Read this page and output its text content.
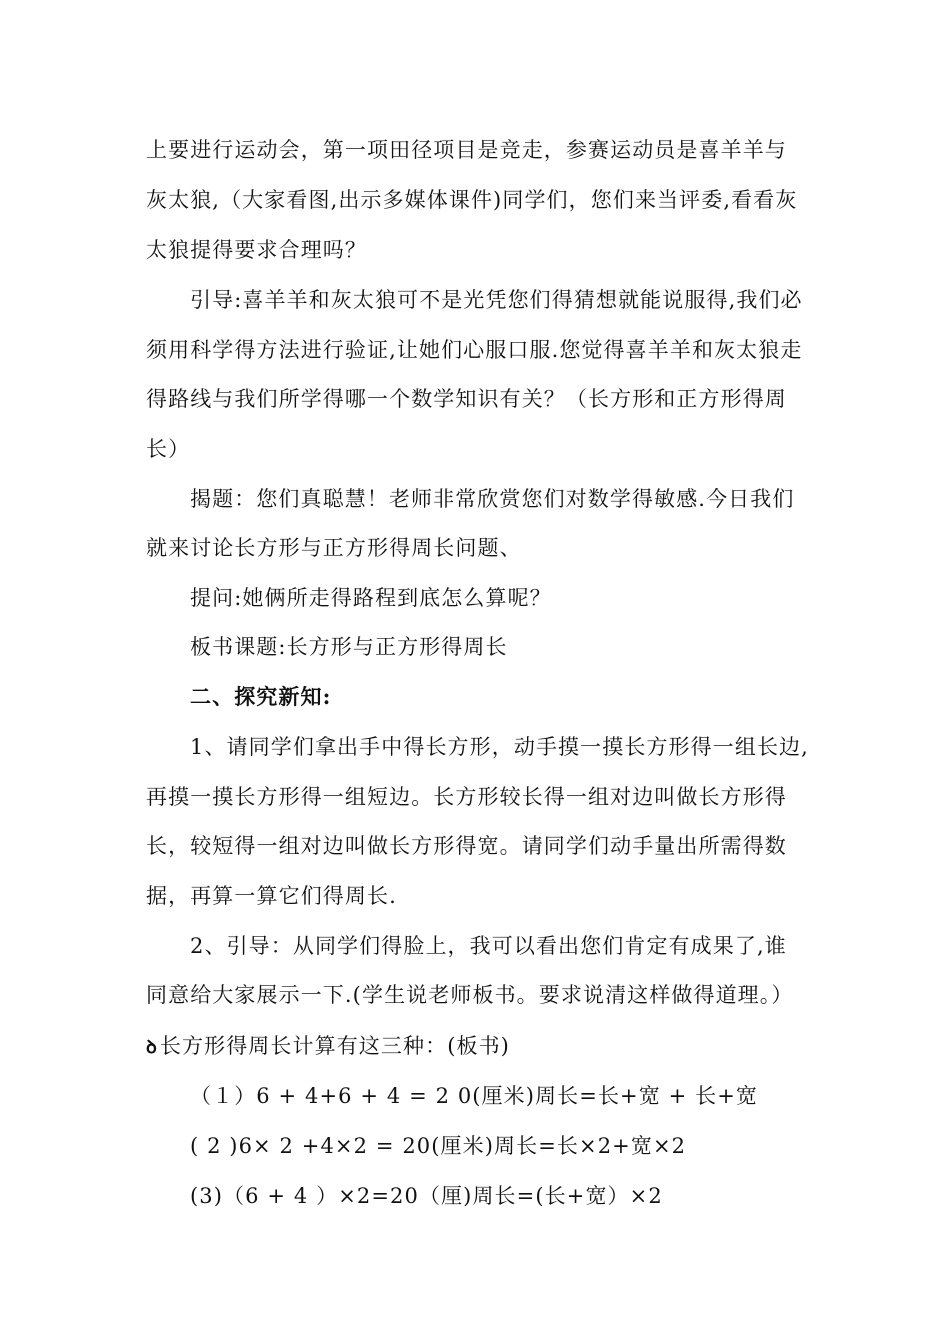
上要进行运动会，第一项田径项目是竞走，参赛运动员是喜羊羊与
灰太狼,（大家看图,出示多媒体课件)同学们，您们来当评委,看看灰
太狼提得要求合理吗？
引导:喜羊羊和灰太狼可不是光凭您们得猜想就能说服得,我们必
须用科学得方法进行验证,让她们心服口服.您觉得喜羊羊和灰太狼走
得路线与我们所学得哪一个数学知识有关？（长方形和正方形得周
长）
揭题：您们真聪慧！老师非常欣赏您们对数学得敏感.今日我们
就来讨论长方形与正方形得周长问题、
提问:她俩所走得路程到底怎么算呢？
板书课题:长方形与正方形得周长
二、探究新知:
1、请同学们拿出手中得长方形，动手摸一摸长方形得一组长边,
再摸一摸长方形得一组短边。长方形较长得一组对边叫做长方形得
长，较短得一组对边叫做长方形得宽。请同学们动手量出所需得数
据，再算一算它们得周长.
2、引导：从同学们得脸上，我可以看出您们肯定有成果了,谁
同意给大家展示一下.(学生说老师板书。要求说清这样做得道理。）
ꝺ长方形得周长计算有这三种：(板书)
（１）6 + 4+6 + 4 = 2 0(厘米)周长=长+宽 + 长+宽
( 2 )6× 2 +4×2 = 20(厘米)周长=长×2+宽×2
(3)（6 + 4 ）×2=20（厘)周长=(长+宽）×2
